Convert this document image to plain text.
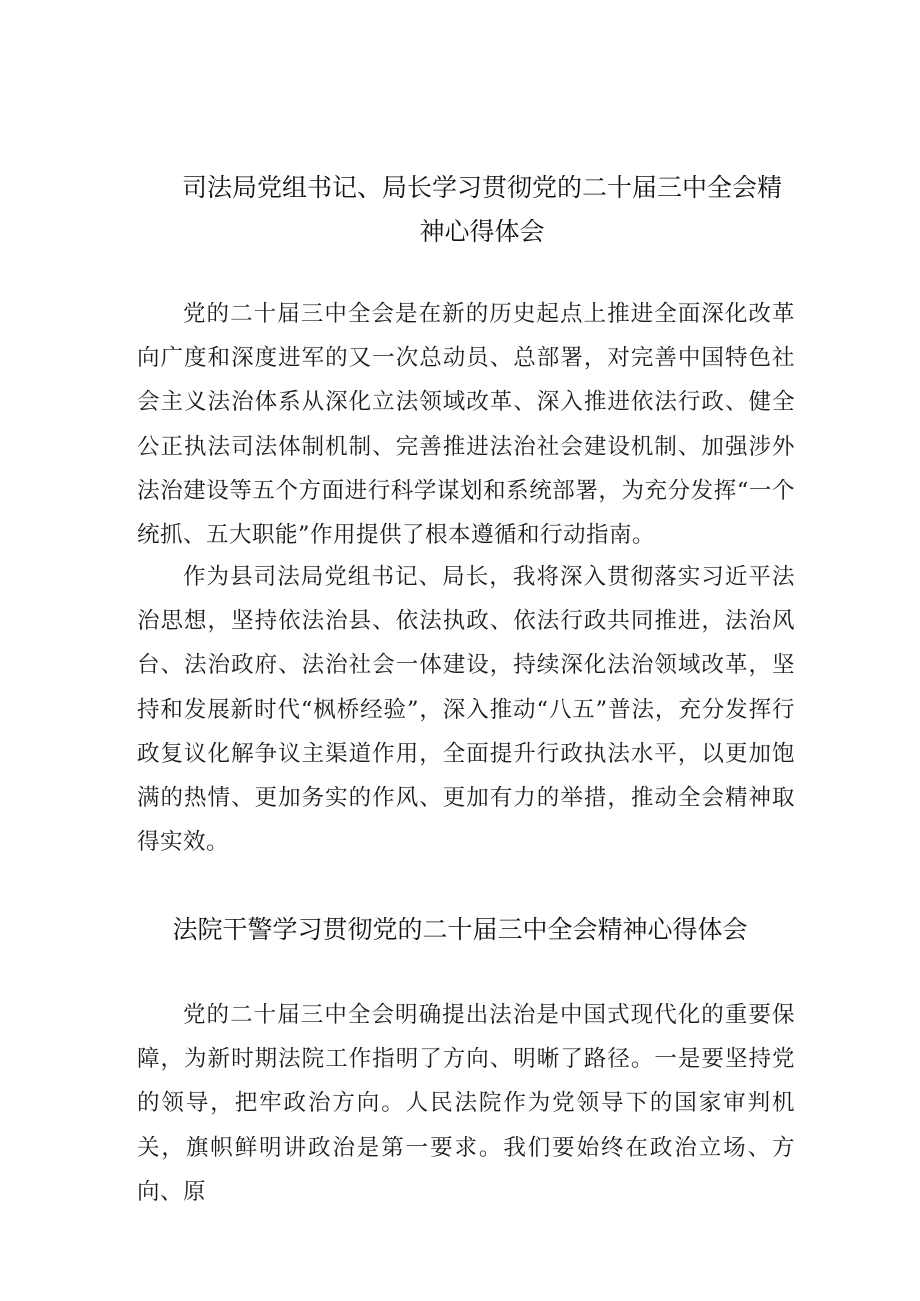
司法局党组书记、局长学习贯彻党的二十届三中全会精神心得体会

党的二十届三中全会是在新的历史起点上推进全面深化改革向广度和深度进军的又一次总动员、总部署，对完善中国特色社会主义法治体系从深化立法领域改革、深入推进依法行政、健全公正执法司法体制机制、完善推进法治社会建设机制、加强涉外法治建设等五个方面进行科学谋划和系统部署，为充分发挥“一个统抓、五大职能”作用提供了根本遵循和行动指南。

作为县司法局党组书记、局长，我将深入贯彻落实习近平法治思想，坚持依法治县、依法执政、依法行政共同推进，法治风台、法治政府、法治社会一体建设，持续深化法治领域改革，坚持和发展新时代“枫桥经验”，深入推动“八五”普法，充分发挥行政复议化解争议主渠道作用，全面提升行政执法水平，以更加饱满的热情、更加务实的作风、更加有力的举措，推动全会精神取得实效。

法院干警学习贯彻党的二十届三中全会精神心得体会

党的二十届三中全会明确提出法治是中国式现代化的重要保障，为新时期法院工作指明了方向、明晰了路径。一是要坚持党的领导，把牢政治方向。人民法院作为党领导下的国家审判机关，旗帜鲜明讲政治是第一要求。我们要始终在政治立场、方向、原
